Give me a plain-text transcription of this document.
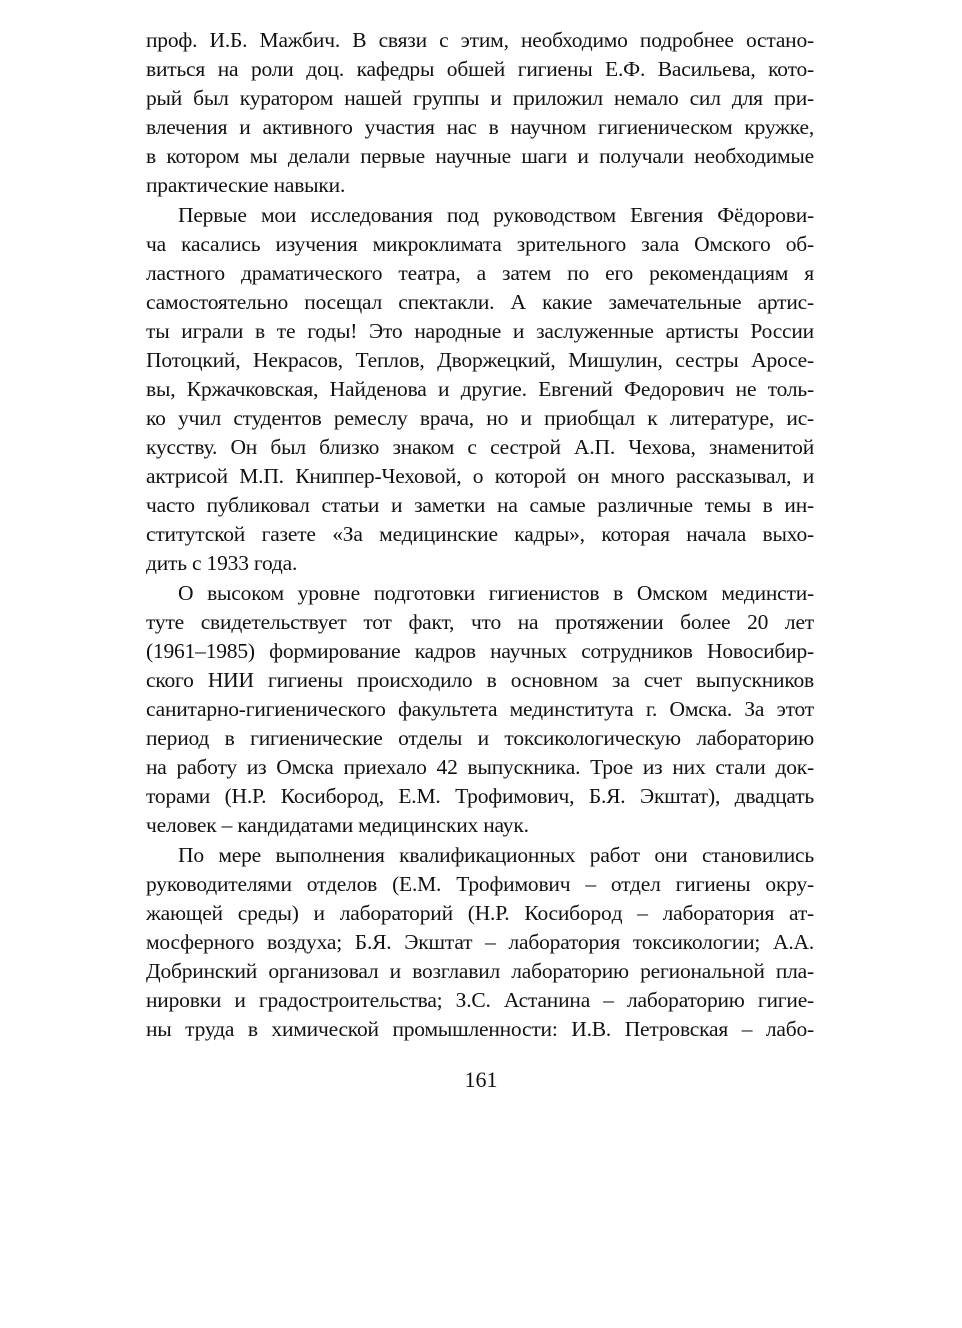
проф. И.Б. Мажбич. В связи с этим, необходимо подробнее остано-
виться на роли доц. кафедры обшей гигиены Е.Ф. Васильева, кото-
рый был куратором нашей группы и приложил немало сил для при-
влечения и активного участия нас в научном гигиеническом кружке,
в котором мы делали первые научные шаги и получали необходимые
практические навыки.
Первые мои исследования под руководством Евгения Фёдорови-
ча касались изучения микроклимата зрительного зала Омского об-
ластного драматического театра, а затем по его рекомендациям я
самостоятельно посещал спектакли. А какие замечательные артис-
ты играли в те годы! Это народные и заслуженные артисты России
Потоцкий, Некрасов, Теплов, Дворжецкий, Мишулин, сестры Аросе-
вы, Кржачковская, Найденова и другие. Евгений Федорович не толь-
ко учил студентов ремеслу врача, но и приобщал к литературе, ис-
кусству. Он был близко знаком с сестрой А.П. Чехова, знаменитой
актрисой М.П. Книппер-Чеховой, о которой он много рассказывал, и
часто публиковал статьи и заметки на самые различные темы в ин-
ститутской газете «За медицинские кадры», которая начала выхо-
дить с 1933 года.
О высоком уровне подготовки гигиенистов в Омском мединсти-
туте свидетельствует тот факт, что на протяжении более 20 лет
(1961–1985) формирование кадров научных сотрудников Новосибир-
ского НИИ гигиены происходило в основном за счет выпускников
санитарно-гигиенического факультета мединститута г. Омска. За этот
период в гигиенические отделы и токсикологическую лабораторию
на работу из Омска приехало 42 выпускника. Трое из них стали док-
торами (Н.Р. Косиборoд, Е.М. Трофимович, Б.Я. Экштат), двадцать
человек – кандидатами медицинских наук.
По мере выполнения квалификационных работ они становились
руководителями отделов (Е.М. Трофимович – отдел гигиены окру-
жающей среды) и лабораторий (Н.Р. Косиборoд – лаборатория ат-
мосферного воздуха; Б.Я. Экштат – лаборатория токсикологии; А.А.
Добринский организовал и возглавил лабораторию региональной пла-
нировки и градостроительства; З.С. Астанина – лабораторию гигие-
ны труда в химической промышленности: И.В. Петровская – лабо-
161
